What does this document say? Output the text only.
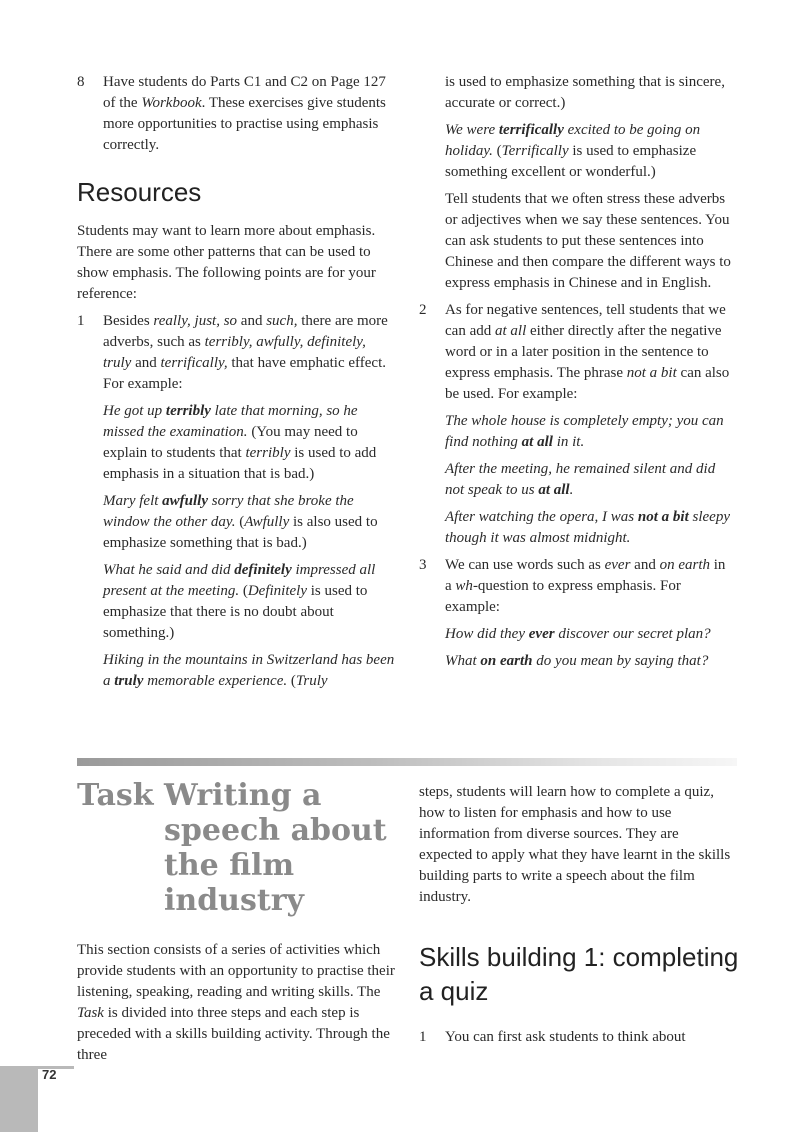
8 Have students do Parts C1 and C2 on Page 127 of the Workbook. These exercises give students more opportunities to practise using emphasis correctly.
Resources

Students may want to learn more about emphasis. There are some other patterns that can be used to show emphasis. The following points are for your reference:

1 Besides really, just, so and such, there are more adverbs, such as terribly, awfully, definitely, truly and terrifically, that have emphatic effect. For example:

He got up terribly late that morning, so he missed the examination. (You may need to explain to students that terribly is used to add emphasis in a situation that is bad.)

Mary felt awfully sorry that she broke the window the other day. (Awfully is also used to emphasize something that is bad.)

What he said and did definitely impressed all present at the meeting. (Definitely is used to emphasize that there is no doubt about something.)

Hiking in the mountains in Switzerland has been a truly memorable experience. (Truly

is used to emphasize something that is sincere, accurate or correct.)

We were terrifically excited to be going on holiday. (Terrifically is used to emphasize something excellent or wonderful.)

Tell students that we often stress these adverbs or adjectives when we say these sentences. You can ask students to put these sentences into Chinese and then compare the different ways to express emphasis in Chinese and in English.

2 As for negative sentences, tell students that we can add at all either directly after the negative word or in a later position in the sentence to express emphasis. The phrase not a bit can also be used. For example:

The whole house is completely empty; you can find nothing at all in it.

After the meeting, he remained silent and did not speak to us at all.

After watching the opera, I was not a bit sleepy though it was almost midnight.

3 We can use words such as ever and on earth in a wh-question to express emphasis. For example:

How did they ever discover our secret plan?

What on earth do you mean by saying that?

Task Writing a speech about the film industry
steps, students will learn how to complete a quiz, how to listen for emphasis and how to use information from diverse sources. They are expected to apply what they have learnt in the skills building parts to write a speech about the film industry.
This section consists of a series of activities which provide students with an opportunity to practise their listening, speaking, reading and writing skills. The Task is divided into three steps and each step is preceded with a skills building activity. Through the three
Skills building 1: completing a quiz
1 You can first ask students to think about
72
